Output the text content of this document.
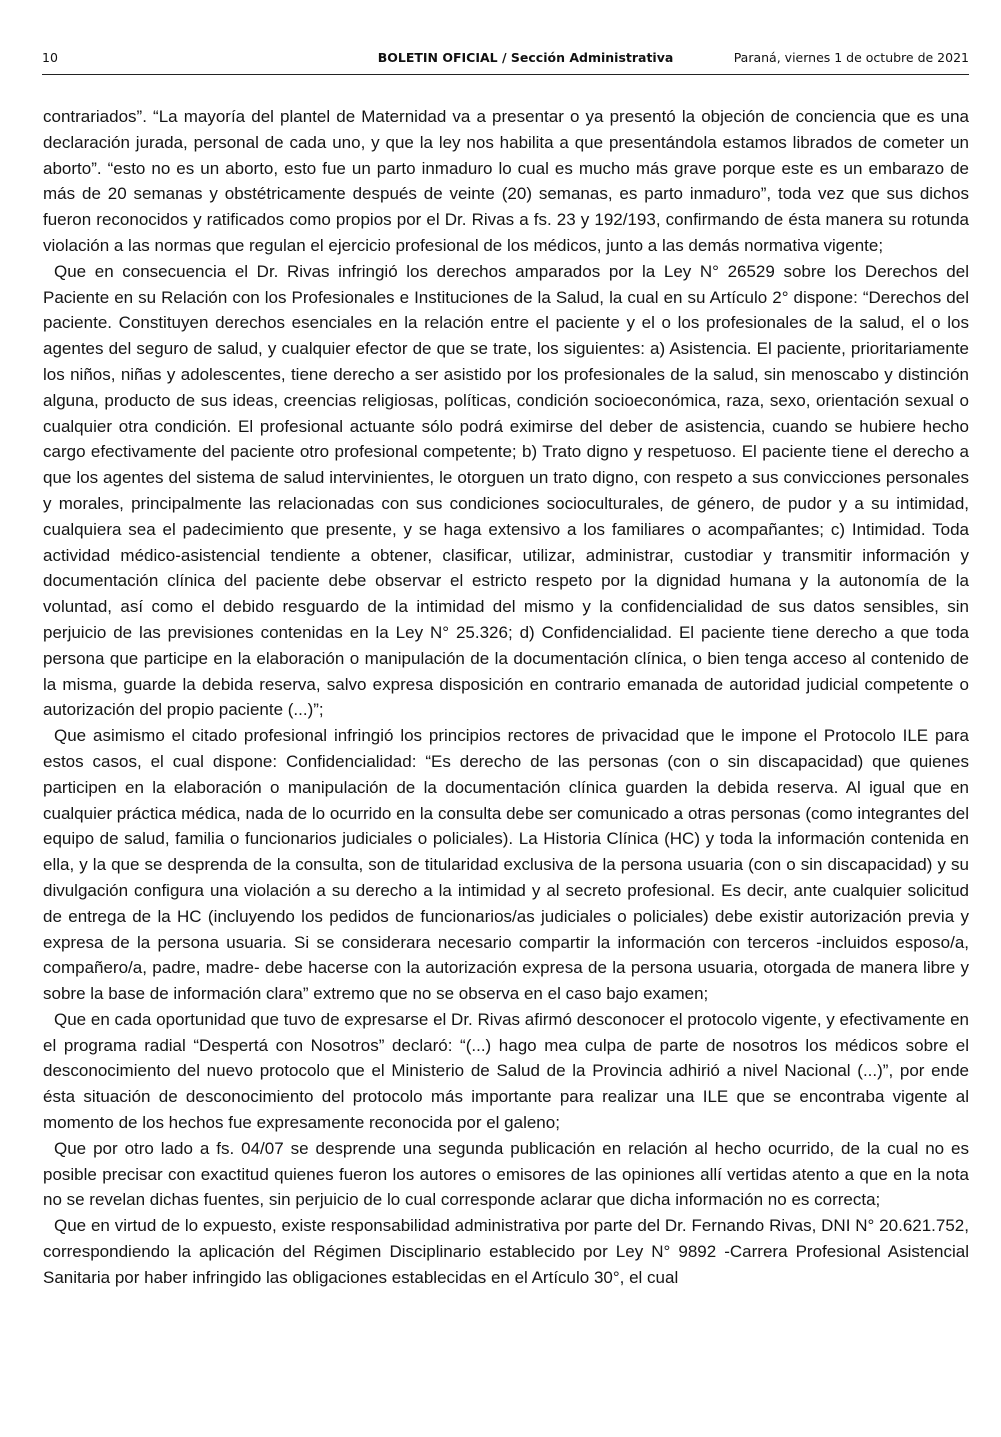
10	BOLETIN OFICIAL / Sección Administrativa	Paraná, viernes 1 de octubre de 2021

contrariados”. “La mayoría del plantel de Maternidad va a presentar o ya presentó la objeción de conciencia que es una declaración jurada, personal de cada uno, y que la ley nos habilita a que presentándola estamos librados de cometer un aborto”. “esto no es un aborto, esto fue un parto inmaduro lo cual es mucho más grave porque este es un embarazo de más de 20 semanas y obstétricamente después de veinte (20) semanas, es parto inmaduro”, toda vez que sus dichos fueron reconocidos y ratificados como propios por el Dr. Rivas a fs. 23 y 192/193, confirmando de ésta manera su rotunda violación a las normas que regulan el ejercicio profesional de los médicos, junto a las demás normativa vigente;

Que en consecuencia el Dr. Rivas infringió los derechos amparados por la Ley N° 26529 sobre los Derechos del Paciente en su Relación con los Profesionales e Instituciones de la Salud, la cual en su Artículo 2° dispone: “Derechos del paciente. Constituyen derechos esenciales en la relación entre el paciente y el o los profesionales de la salud, el o los agentes del seguro de salud, y cualquier efector de que se trate, los siguientes: a) Asistencia. El paciente, prioritariamente los niños, niñas y adolescentes, tiene derecho a ser asistido por los profesionales de la salud, sin menoscabo y distinción alguna, producto de sus ideas, creencias religiosas, políticas, condición socioeconómica, raza, sexo, orientación sexual o cualquier otra condición. El profesional actuante sólo podrá eximirse del deber de asistencia, cuando se hubiere hecho cargo efectivamente del paciente otro profesional competente; b) Trato digno y respetuoso. El paciente tiene el derecho a que los agentes del sistema de salud intervinientes, le otorguen un trato digno, con respeto a sus convicciones personales y morales, principalmente las relacionadas con sus condiciones socioculturales, de género, de pudor y a su intimidad, cualquiera sea el padecimiento que presente, y se haga extensivo a los familiares o acompañantes; c) Intimidad. Toda actividad médico-asistencial tendiente a obtener, clasificar, utilizar, administrar, custodiar y transmitir información y documentación clínica del paciente debe observar el estricto respeto por la dignidad humana y la autonomía de la voluntad, así como el debido resguardo de la intimidad del mismo y la confidencialidad de sus datos sensibles, sin perjuicio de las previsiones contenidas en la Ley N° 25.326; d) Confidencialidad. El paciente tiene derecho a que toda persona que participe en la elaboración o manipulación de la documentación clínica, o bien tenga acceso al contenido de la misma, guarde la debida reserva, salvo expresa disposición en contrario emanada de autoridad judicial competente o autorización del propio paciente (...)”;

Que asimismo el citado profesional infringió los principios rectores de privacidad que le impone el Protocolo ILE para estos casos, el cual dispone: Confidencialidad: “Es derecho de las personas (con o sin discapacidad) que quienes participen en la elaboración o manipulación de la documentación clínica guarden la debida reserva. Al igual que en cualquier práctica médica, nada de lo ocurrido en la consulta debe ser comunicado a otras personas (como integrantes del equipo de salud, familia o funcionarios judiciales o policiales). La Historia Clínica (HC) y toda la información contenida en ella, y la que se desprenda de la consulta, son de titularidad exclusiva de la persona usuaria (con o sin discapacidad) y su divulgación configura una violación a su derecho a la intimidad y al secreto profesional. Es decir, ante cualquier solicitud de entrega de la HC (incluyendo los pedidos de funcionarios/as judiciales o policiales) debe existir autorización previa y expresa de la persona usuaria. Si se considerara necesario compartir la información con terceros -incluidos esposo/a, compañero/a, padre, madre- debe hacerse con la autorización expresa de la persona usuaria, otorgada de manera libre y sobre la base de información clara” extremo que no se observa en el caso bajo examen;

Que en cada oportunidad que tuvo de expresarse el Dr. Rivas afirmó desconocer el protocolo vigente, y efectivamente en el programa radial “Despertá con Nosotros” declaró: “(...) hago mea culpa de parte de nosotros los médicos sobre el desconocimiento del nuevo protocolo que el Ministerio de Salud de la Provincia adhirió a nivel Nacional (...)”, por ende ésta situación de desconocimiento del protocolo más importante para realizar una ILE que se encontraba vigente al momento de los hechos fue expresamente reconocida por el galeno;

Que por otro lado a fs. 04/07 se desprende una segunda publicación en relación al hecho ocurrido, de la cual no es posible precisar con exactitud quienes fueron los autores o emisores de las opiniones allí vertidas atento a que en la nota no se revelan dichas fuentes, sin perjuicio de lo cual corresponde aclarar que dicha información no es correcta;

Que en virtud de lo expuesto, existe responsabilidad administrativa por parte del Dr. Fernando Rivas, DNI N° 20.621.752, correspondiendo la aplicación del Régimen Disciplinario establecido por Ley N° 9892 -Carrera Profesional Asistencial Sanitaria por haber infringido las obligaciones establecidas en el Artículo 30°, el cual
